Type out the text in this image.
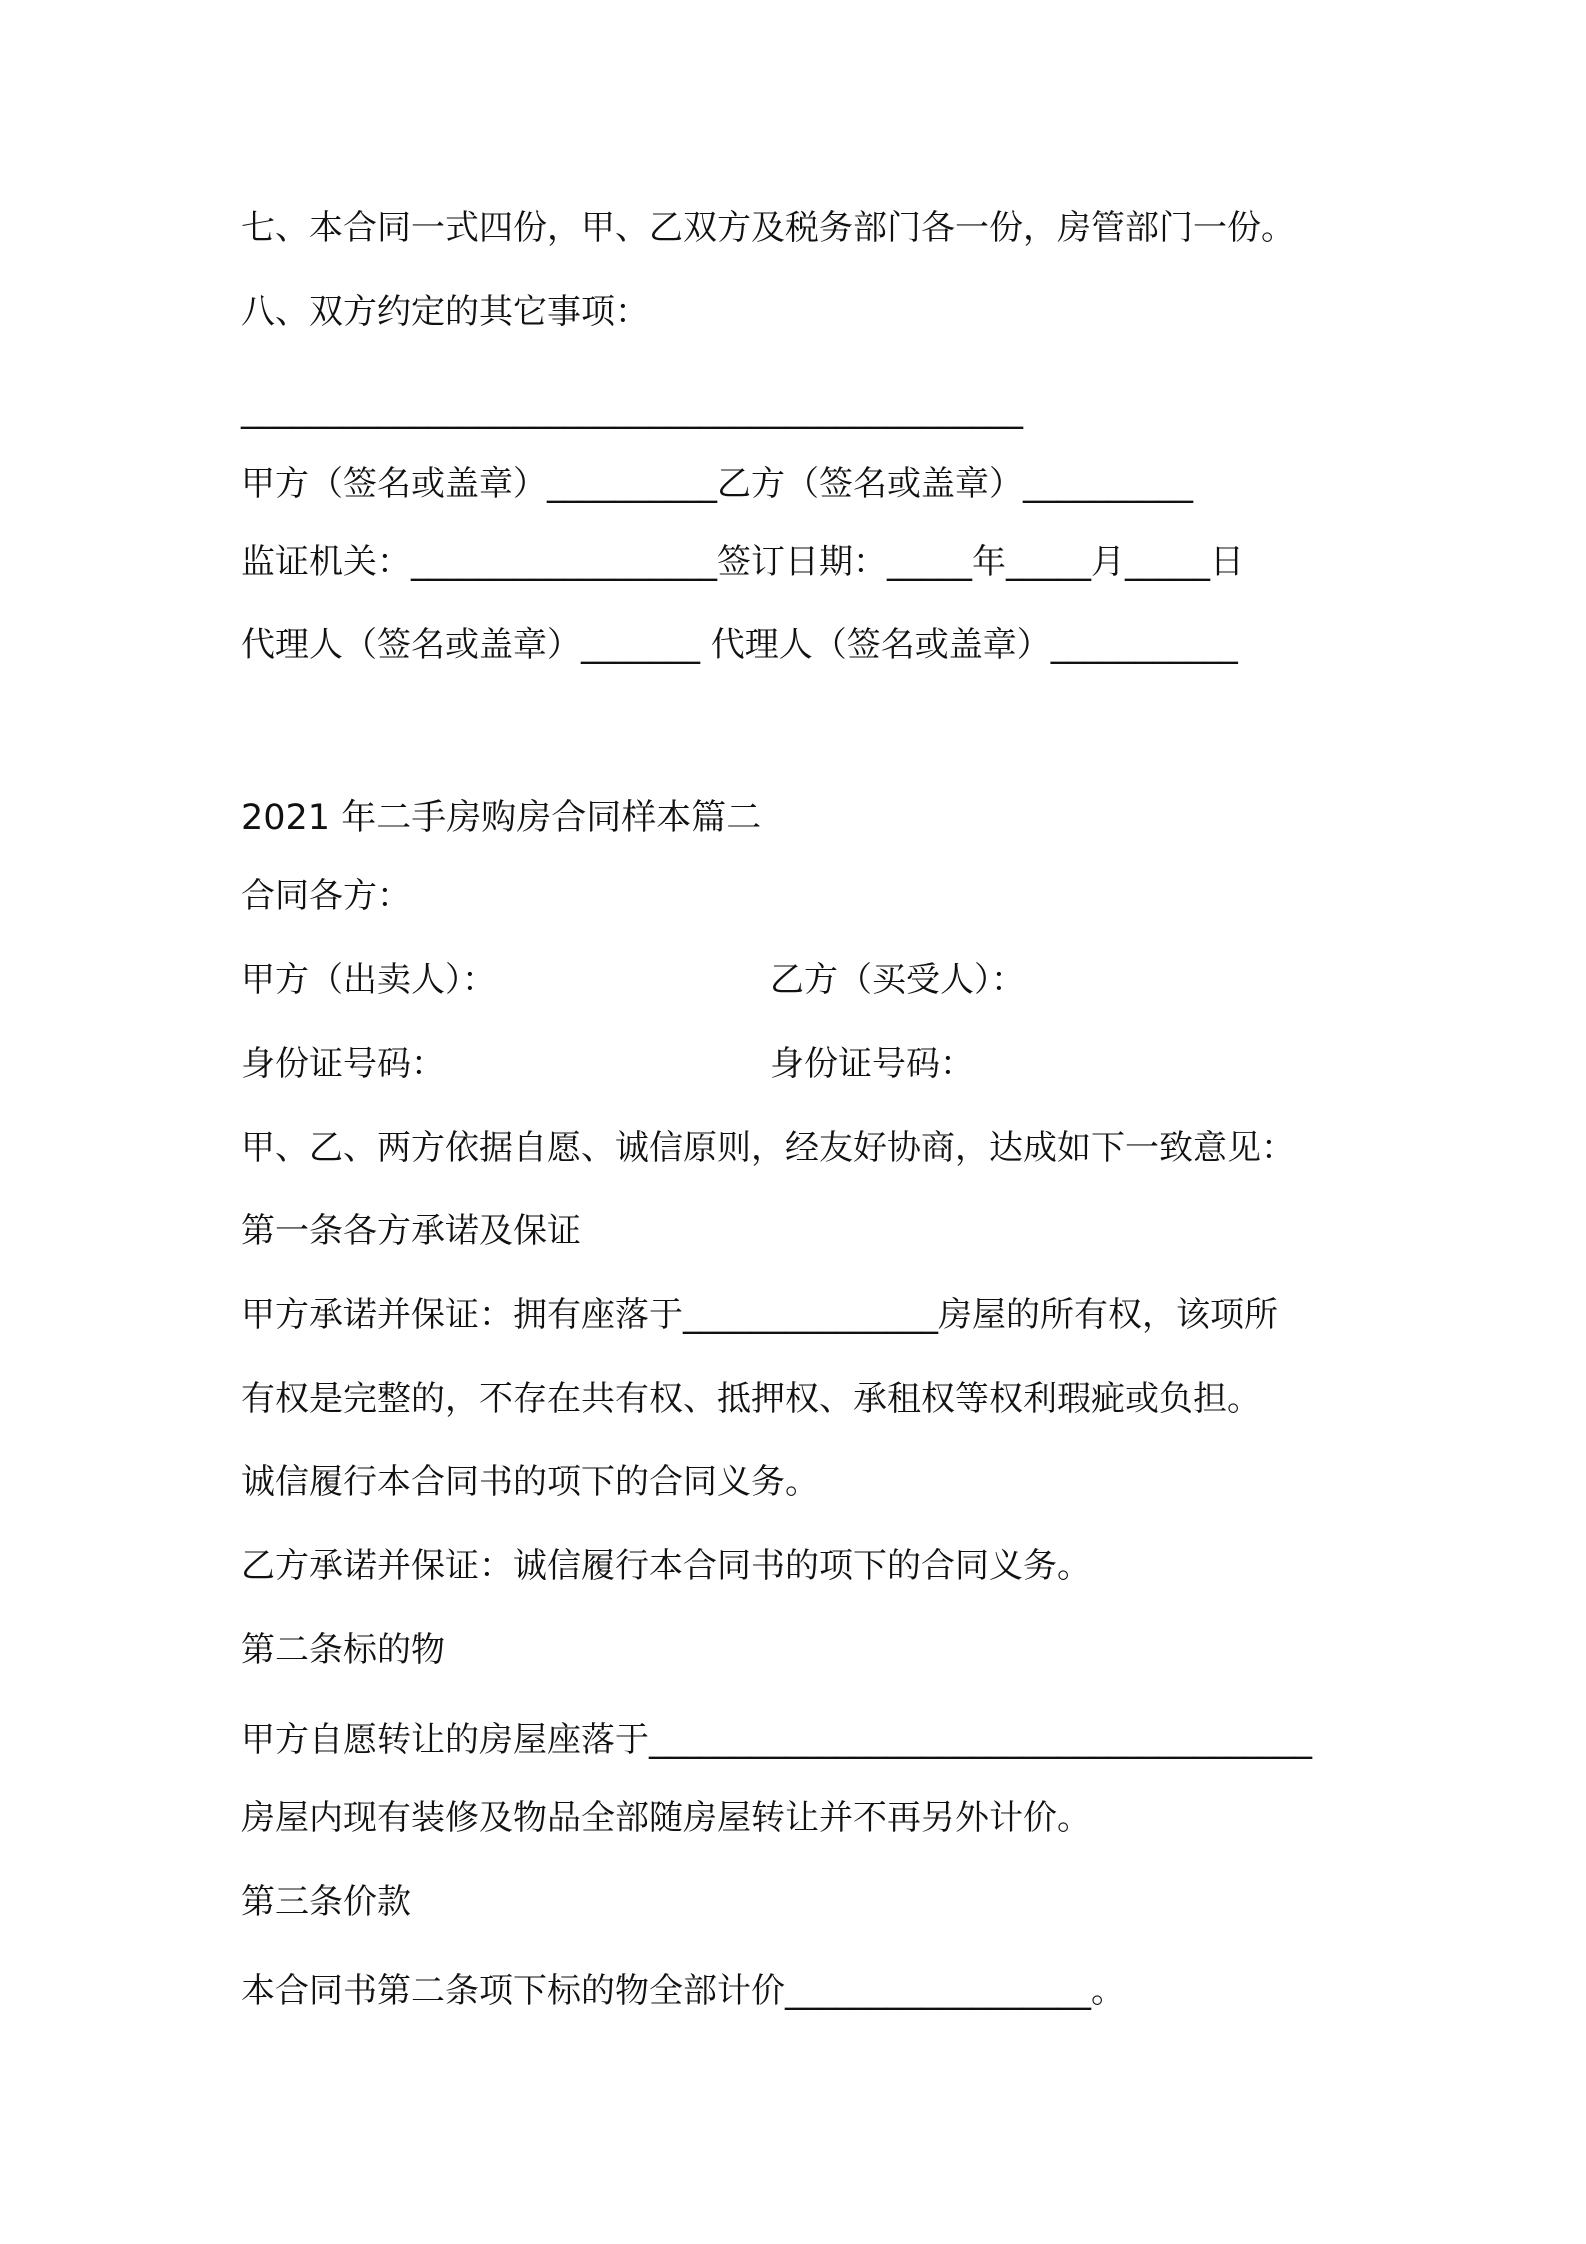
七、本合同一式四份，甲、乙双方及税务部门各一份，房管部门一份。
八、双方约定的其它事项：
______________________________________________
甲方（签名或盖章）__________乙方（签名或盖章）__________
监证机关：__________________签订日期：_____年_____月_____日
代理人（签名或盖章）_______ 代理人（签名或盖章）___________
2021 年二手房购房合同样本篇二
合同各方：
甲方（出卖人）：	乙方（买受人）：
身份证号码：	身份证号码：
甲、乙、两方依据自愿、诚信原则，经友好协商，达成如下一致意见：
第一条各方承诺及保证
甲方承诺并保证：拥有座落于_______________房屋的所有权，该项所
有权是完整的，不存在共有权、抵押权、承租权等权利瑕疵或负担。
诚信履行本合同书的项下的合同义务。
乙方承诺并保证：诚信履行本合同书的项下的合同义务。
第二条标的物
甲方自愿转让的房屋座落于_______________________________________
房屋内现有装修及物品全部随房屋转让并不再另外计价。
第三条价款
本合同书第二条项下标的物全部计价__________________。
